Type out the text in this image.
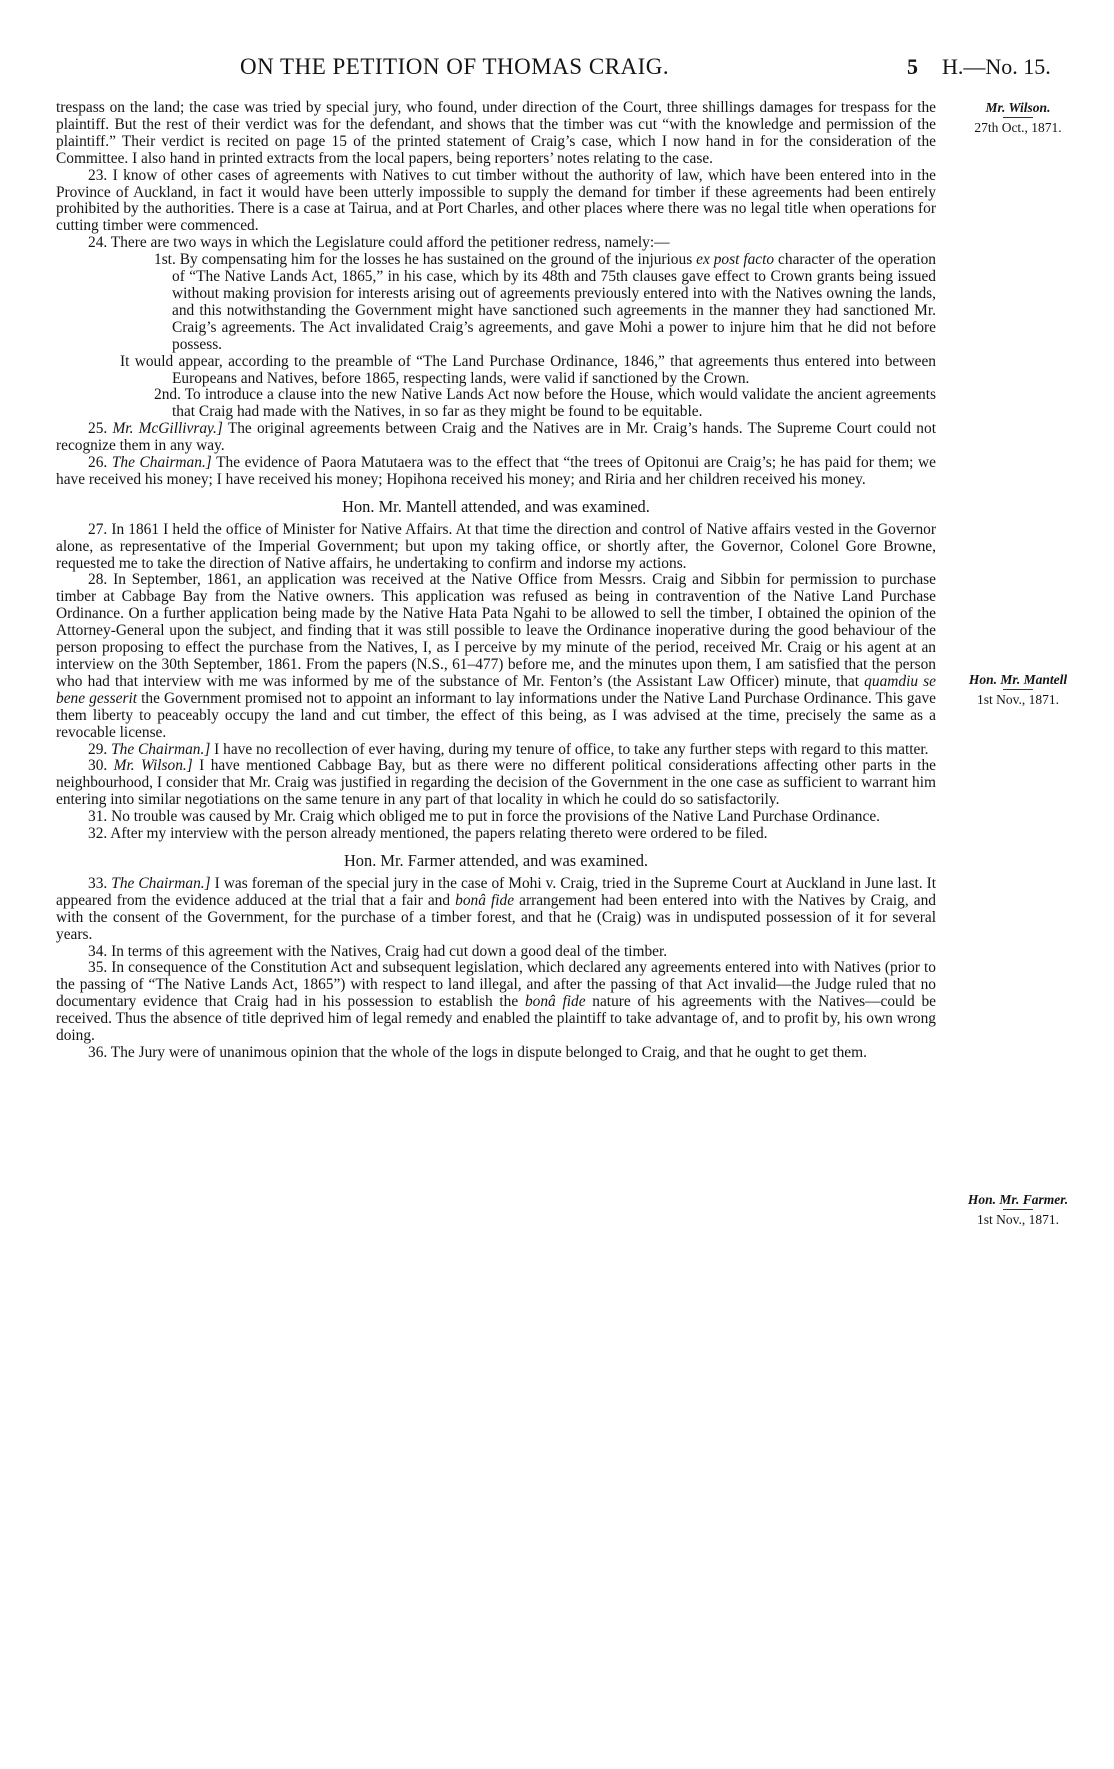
ON THE PETITION OF THOMAS CRAIG.	5 H.—No. 15.
Mr. Wilson.
27th Oct., 1871.
Hon. Mr. Mantell
1st Nov., 1871.
Hon. Mr. Farmer.
1st Nov., 1871.

trespass on the land; the case was tried by special jury, who found, under direction of the Court, three shillings damages for trespass for the plaintiff. But the rest of their verdict was for the defendant, and shows that the timber was cut “with the knowledge and permission of the plaintiff.” Their verdict is recited on page 15 of the printed statement of Craig’s case, which I now hand in for the consideration of the Committee. I also hand in printed extracts from the local papers, being reporters’ notes relating to the case.

23. I know of other cases of agreements with Natives to cut timber without the authority of law, which have been entered into in the Province of Auckland, in fact it would have been utterly impossible to supply the demand for timber if these agreements had been entirely prohibited by the authorities. There is a case at Tairua, and at Port Charles, and other places where there was no legal title when operations for cutting timber were commenced.

24. There are two ways in which the Legislature could afford the petitioner redress, namely:—

1st. By compensating him for the losses he has sustained on the ground of the injurious ex post facto character of the operation of “The Native Lands Act, 1865,” in his case, which by its 48th and 75th clauses gave effect to Crown grants being issued without making provision for interests arising out of agreements previously entered into with the Natives owning the lands, and this notwithstanding the Government might have sanctioned such agreements in the manner they had sanctioned Mr. Craig’s agreements. The Act invalidated Craig’s agreements, and gave Mohi a power to injure him that he did not before possess.

It would appear, according to the preamble of “The Land Purchase Ordinance, 1846,” that agreements thus entered into between Europeans and Natives, before 1865, respecting lands, were valid if sanctioned by the Crown.

2nd. To introduce a clause into the new Native Lands Act now before the House, which would validate the ancient agreements that Craig had made with the Natives, in so far as they might be found to be equitable.

25. Mr. McGillivray.] The original agreements between Craig and the Natives are in Mr. Craig’s hands. The Supreme Court could not recognize them in any way.

26. The Chairman.] The evidence of Paora Matutaera was to the effect that “the trees of Opitonui are Craig’s; he has paid for them; we have received his money; I have received his money; Hopihona received his money; and Riria and her children received his money.

Hon. Mr. Mantell attended, and was examined.

27. In 1861 I held the office of Minister for Native Affairs. At that time the direction and control of Native affairs vested in the Governor alone, as representative of the Imperial Government; but upon my taking office, or shortly after, the Governor, Colonel Gore Browne, requested me to take the direction of Native affairs, he undertaking to confirm and indorse my actions.

28. In September, 1861, an application was received at the Native Office from Messrs. Craig and Sibbin for permission to purchase timber at Cabbage Bay from the Native owners. This application was refused as being in contravention of the Native Land Purchase Ordinance. On a further application being made by the Native Hata Pata Ngahi to be allowed to sell the timber, I obtained the opinion of the Attorney-General upon the subject, and finding that it was still possible to leave the Ordinance inoperative during the good behaviour of the person proposing to effect the purchase from the Natives, I, as I perceive by my minute of the period, received Mr. Craig or his agent at an interview on the 30th September, 1861. From the papers (N.S., 61–477) before me, and the minutes upon them, I am satisfied that the person who had that interview with me was informed by me of the substance of Mr. Fenton’s (the Assistant Law Officer) minute, that quamdiu se bene gesserit the Government promised not to appoint an informant to lay informations under the Native Land Purchase Ordinance. This gave them liberty to peaceably occupy the land and cut timber, the effect of this being, as I was advised at the time, precisely the same as a revocable license.

29. The Chairman.] I have no recollection of ever having, during my tenure of office, to take any further steps with regard to this matter.

30. Mr. Wilson.] I have mentioned Cabbage Bay, but as there were no different political considerations affecting other parts in the neighbourhood, I consider that Mr. Craig was justified in regarding the decision of the Government in the one case as sufficient to warrant him entering into similar negotiations on the same tenure in any part of that locality in which he could do so satisfactorily.

31. No trouble was caused by Mr. Craig which obliged me to put in force the provisions of the Native Land Purchase Ordinance.

32. After my interview with the person already mentioned, the papers relating thereto were ordered to be filed.

Hon. Mr. Farmer attended, and was examined.

33. The Chairman.] I was foreman of the special jury in the case of Mohi v. Craig, tried in the Supreme Court at Auckland in June last. It appeared from the evidence adduced at the trial that a fair and bonâ fide arrangement had been entered into with the Natives by Craig, and with the consent of the Government, for the purchase of a timber forest, and that he (Craig) was in undisputed possession of it for several years.

34. In terms of this agreement with the Natives, Craig had cut down a good deal of the timber.

35. In consequence of the Constitution Act and subsequent legislation, which declared any agreements entered into with Natives (prior to the passing of “The Native Lands Act, 1865”) with respect to land illegal, and after the passing of that Act invalid—the Judge ruled that no documentary evidence that Craig had in his possession to establish the bonâ fide nature of his agreements with the Natives—could be received. Thus the absence of title deprived him of legal remedy and enabled the plaintiff to take advantage of, and to profit by, his own wrong doing.

36. The Jury were of unanimous opinion that the whole of the logs in dispute belonged to Craig, and that he ought to get them.
